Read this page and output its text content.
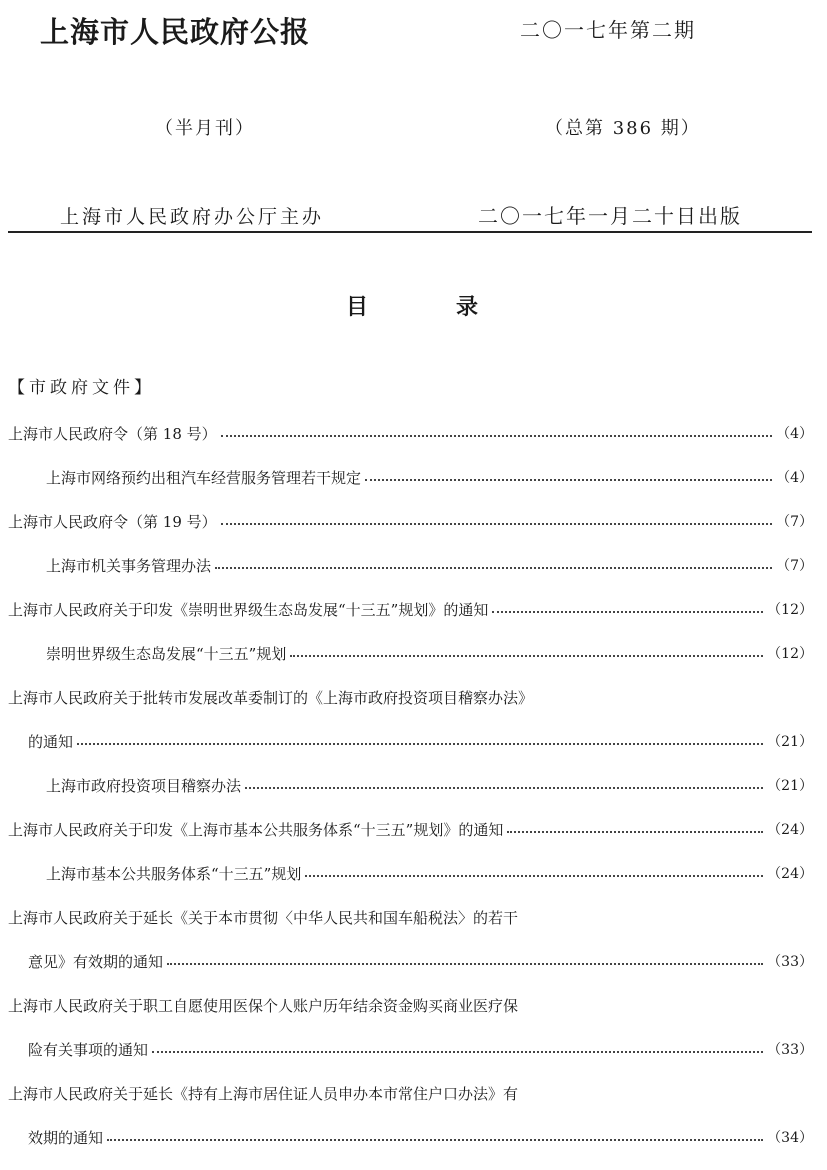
上海市人民政府公报	二〇一七年第二期
（半月刊）	（总第 386 期）
上海市人民政府办公厅主办	二〇一七年一月二十日出版
目	录
【市政府文件】
上海市人民政府令（第 18 号）	（4）
上海市网络预约出租汽车经营服务管理若干规定	（4）
上海市人民政府令（第 19 号）	（7）
上海市机关事务管理办法	（7）
上海市人民政府关于印发《崇明世界级生态岛发展“十三五”规划》的通知	（12）
崇明世界级生态岛发展“十三五”规划	（12）
上海市人民政府关于批转市发展改革委制订的《上海市政府投资项目稽察办法》
的通知	（21）
上海市政府投资项目稽察办法	（21）
上海市人民政府关于印发《上海市基本公共服务体系“十三五”规划》的通知	（24）
上海市基本公共服务体系“十三五”规划	（24）
上海市人民政府关于延长《关于本市贯彻〈中华人民共和国车船税法〉的若干
意见》有效期的通知	（33）
上海市人民政府关于职工自愿使用医保个人账户历年结余资金购买商业医疗保
险有关事项的通知	（33）
上海市人民政府关于延长《持有上海市居住证人员申办本市常住户口办法》有
效期的通知	（34）
